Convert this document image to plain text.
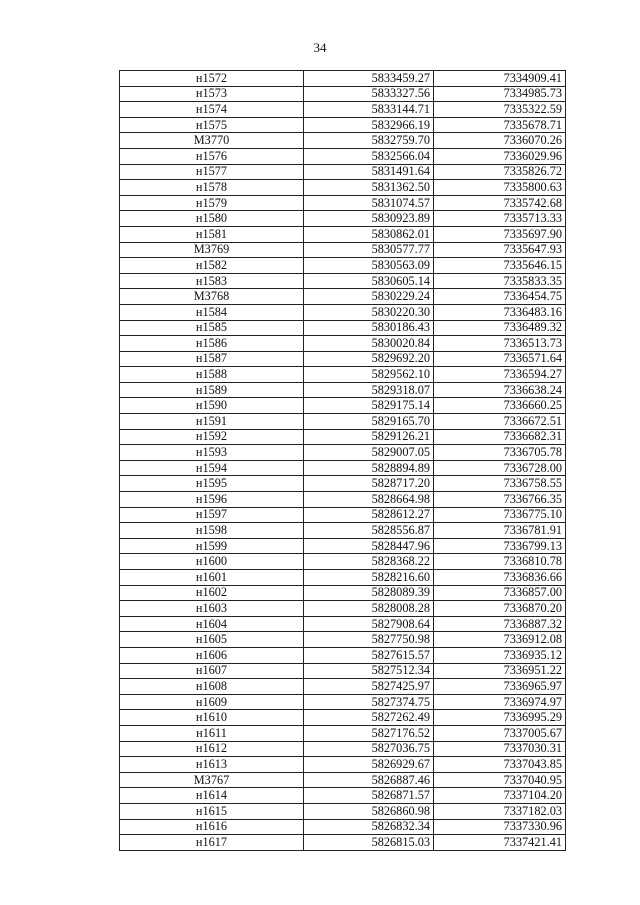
34
н1572	5833459.27	7334909.41
н1573	5833327.56	7334985.73
н1574	5833144.71	7335322.59
н1575	5832966.19	7335678.71
МЗ770	5832759.70	7336070.26
н1576	5832566.04	7336029.96
н1577	5831491.64	7335826.72
н1578	5831362.50	7335800.63
н1579	5831074.57	7335742.68
н1580	5830923.89	7335713.33
н1581	5830862.01	7335697.90
МЗ769	5830577.77	7335647.93
н1582	5830563.09	7335646.15
н1583	5830605.14	7335833.35
МЗ768	5830229.24	7336454.75
н1584	5830220.30	7336483.16
н1585	5830186.43	7336489.32
н1586	5830020.84	7336513.73
н1587	5829692.20	7336571.64
н1588	5829562.10	7336594.27
н1589	5829318.07	7336638.24
н1590	5829175.14	7336660.25
н1591	5829165.70	7336672.51
н1592	5829126.21	7336682.31
н1593	5829007.05	7336705.78
н1594	5828894.89	7336728.00
н1595	5828717.20	7336758.55
н1596	5828664.98	7336766.35
н1597	5828612.27	7336775.10
н1598	5828556.87	7336781.91
н1599	5828447.96	7336799.13
н1600	5828368.22	7336810.78
н1601	5828216.60	7336836.66
н1602	5828089.39	7336857.00
н1603	5828008.28	7336870.20
н1604	5827908.64	7336887.32
н1605	5827750.98	7336912.08
н1606	5827615.57	7336935.12
н1607	5827512.34	7336951.22
н1608	5827425.97	7336965.97
н1609	5827374.75	7336974.97
н1610	5827262.49	7336995.29
н1611	5827176.52	7337005.67
н1612	5827036.75	7337030.31
н1613	5826929.67	7337043.85
МЗ767	5826887.46	7337040.95
н1614	5826871.57	7337104.20
н1615	5826860.98	7337182.03
н1616	5826832.34	7337330.96
н1617	5826815.03	7337421.41
